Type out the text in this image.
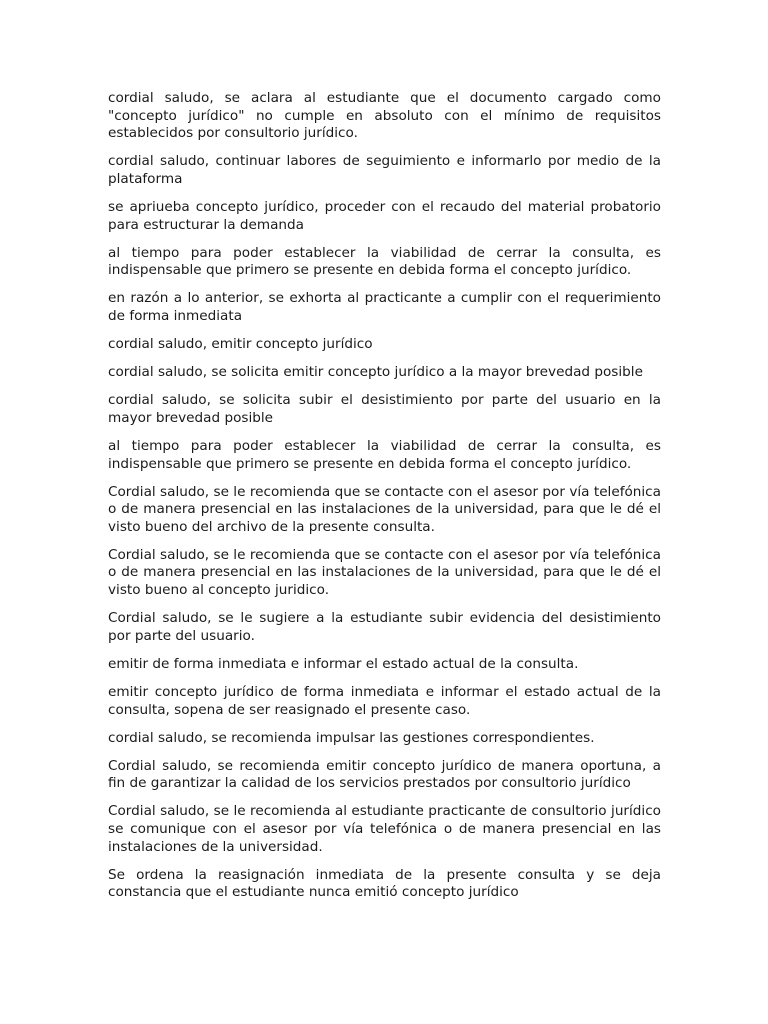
cordial saludo, se aclara al estudiante que el documento cargado como "concepto jurídico" no cumple en absoluto con el mínimo de requisitos establecidos por consultorio jurídico.

cordial saludo, continuar labores de seguimiento e informarlo por medio de la plataforma

se apriueba concepto jurídico, proceder con el recaudo del material probatorio para estructurar la demanda

al tiempo para poder establecer la viabilidad de cerrar la consulta, es indispensable que primero se presente en debida forma el concepto jurídico.

en razón a lo anterior, se exhorta al practicante a cumplir con el requerimiento de forma inmediata

cordial saludo, emitir concepto jurídico

cordial saludo, se solicita emitir concepto jurídico a la mayor brevedad posible

cordial saludo, se solicita subir el desistimiento por parte del usuario en la mayor brevedad posible

al tiempo para poder establecer la viabilidad de cerrar la consulta, es indispensable que primero se presente en debida forma el concepto jurídico.

Cordial saludo, se le recomienda que se contacte con el asesor por vía telefónica o de manera presencial en las instalaciones de la universidad, para que le dé el visto bueno del archivo de la presente consulta.

Cordial saludo, se le recomienda que se contacte con el asesor por vía telefónica o de manera presencial en las instalaciones de la universidad, para que le dé el visto bueno al concepto juridico.

Cordial saludo, se le sugiere a la estudiante subir evidencia del desistimiento por parte del usuario.

emitir de forma inmediata e informar el estado actual de la consulta.

emitir concepto jurídico de forma inmediata e informar el estado actual de la consulta, sopena de ser reasignado el presente caso.

cordial saludo, se recomienda impulsar las gestiones correspondientes.

Cordial saludo, se recomienda emitir concepto jurídico de manera oportuna, a fin de garantizar la calidad de los servicios prestados por consultorio jurídico

Cordial saludo, se le recomienda al estudiante practicante de consultorio jurídico se comunique con el asesor por vía telefónica o de manera presencial en las instalaciones de la universidad.

Se ordena la reasignación inmediata de la presente consulta y se deja constancia que el estudiante nunca emitió concepto jurídico
